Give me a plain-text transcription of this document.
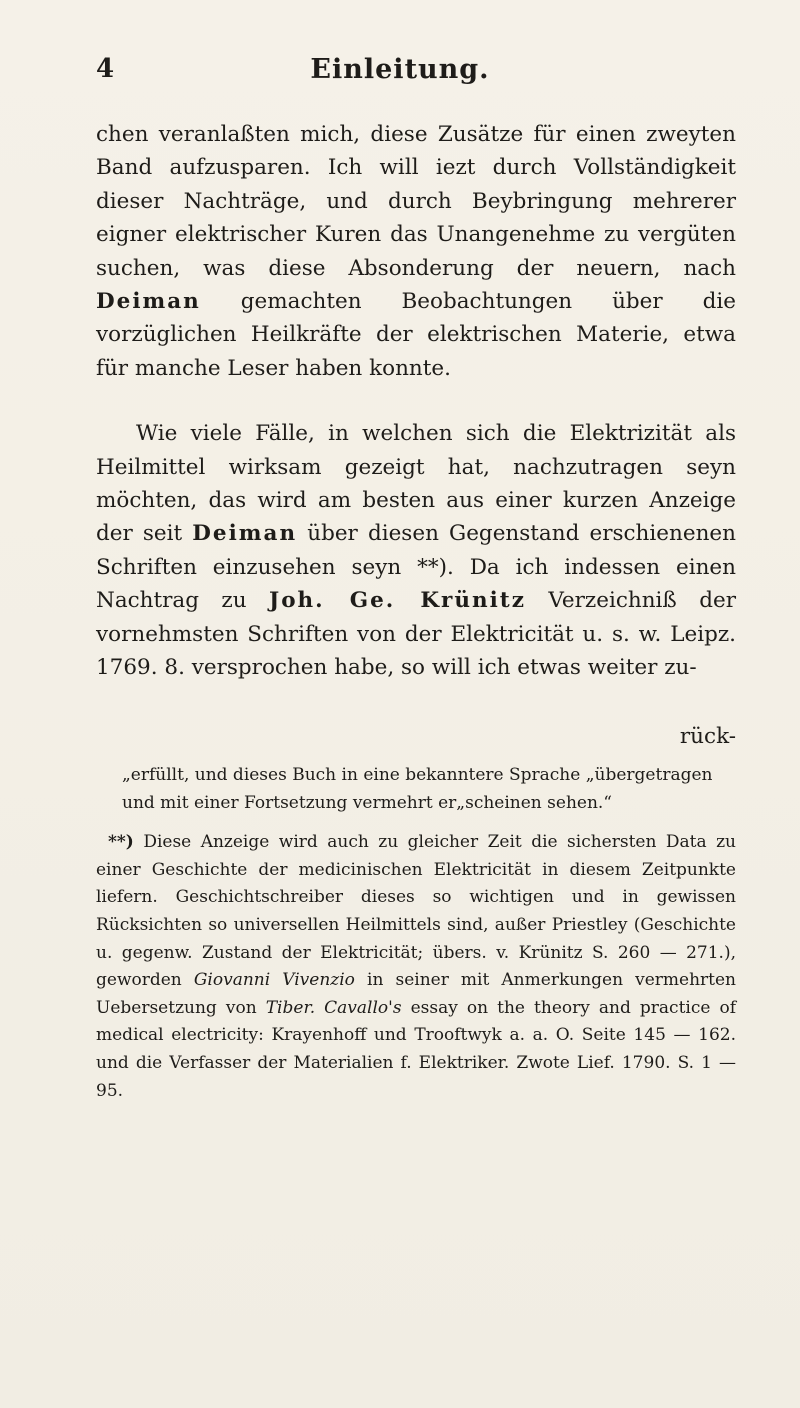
4	Einleitung.

chen veranlaßten mich, diese Zusätze für einen zweyten Band aufzusparen. Ich will iezt durch Vollständigkeit dieser Nachträge, und durch Beybringung mehrerer eigner elektrischer Kuren das Unangenehme zu vergüten suchen, was diese Absonderung der neuern, nach Deiman gemachten Beobachtungen über die vorzüglichen Heilkräfte der elektrischen Materie, etwa für manche Leser haben konnte.

Wie viele Fälle, in welchen sich die Elektrizität als Heilmittel wirksam gezeigt hat, nachzutragen seyn möchten, das wird am besten aus einer kurzen Anzeige der seit Deiman über diesen Gegenstand erschienenen Schriften einzusehen seyn **). Da ich indessen einen Nachtrag zu Joh. Ge. Krünitz Verzeichniß der vornehmsten Schriften von der Elektricität u. s. w. Leipz. 1769. 8. versprochen habe, so will ich etwas weiter zu-

rück-

„erfüllt, und dieses Buch in eine bekanntere Sprache „übergetragen und mit einer Fortsetzung vermehrt er„scheinen sehen.“

**) Diese Anzeige wird auch zu gleicher Zeit die sichersten Data zu einer Geschichte der medicinischen Elektricität in diesem Zeitpunkte liefern. Geschichtschreiber dieses so wichtigen und in gewissen Rücksichten so universellen Heilmittels sind, außer Priestley (Geschichte u. gegenw. Zustand der Elektricität; übers. v. Krünitz S. 260 — 271.), geworden Giovanni Vivenzio in seiner mit Anmerkungen vermehrten Uebersetzung von Tiber. Cavallo's essay on the theory and practice of medical electricity: Krayenhoff und Trooftwyk a. a. O. Seite 145 — 162. und die Verfasser der Materialien f. Elektriker. Zwote Lief. 1790. S. 1 — 95.
